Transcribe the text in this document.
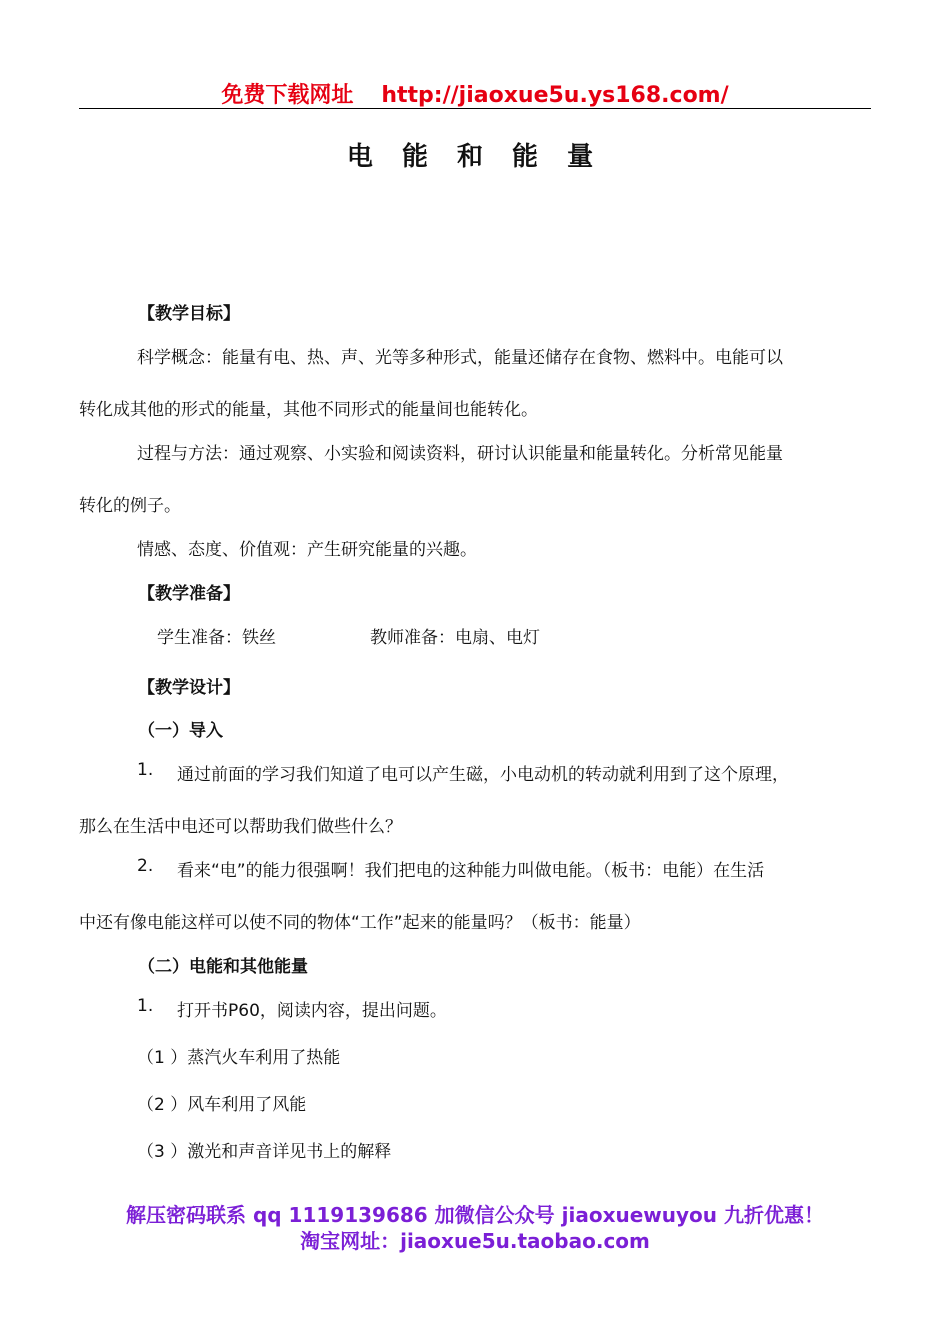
免费下载网址 http://jiaoxue5u.ys168.com/
电 能 和 能 量
【教学目标】
科学概念：能量有电、热、声、光等多种形式，能量还储存在食物、燃料中。电能可以
转化成其他的形式的能量，其他不同形式的能量间也能转化。
过程与方法：通过观察、小实验和阅读资料，研讨认识能量和能量转化。分析常见能量
转化的例子。
情感、态度、价值观：产生研究能量的兴趣。
【教学准备】
学生准备：铁丝	教师准备：电扇、电灯
【教学设计】
（一）导入
1. 通过前面的学习我们知道了电可以产生磁，小电动机的转动就利用到了这个原理，
那么在生活中电还可以帮助我们做些什么？
2. 看来“电”的能力很强啊！我们把电的这种能力叫做电能。（板书：电能）在生活
中还有像电能这样可以使不同的物体“工作”起来的能量吗？（板书：能量）
（二）电能和其他能量
1. 打开书P60，阅读内容，提出问题。
（1 ）蒸汽火车利用了热能
（2 ）风车利用了风能
（3 ）激光和声音详见书上的解释
解压密码联系 qq 1119139686 加微信公众号 jiaoxuewuyou 九折优惠！
淘宝网址：jiaoxue5u.taobao.com
